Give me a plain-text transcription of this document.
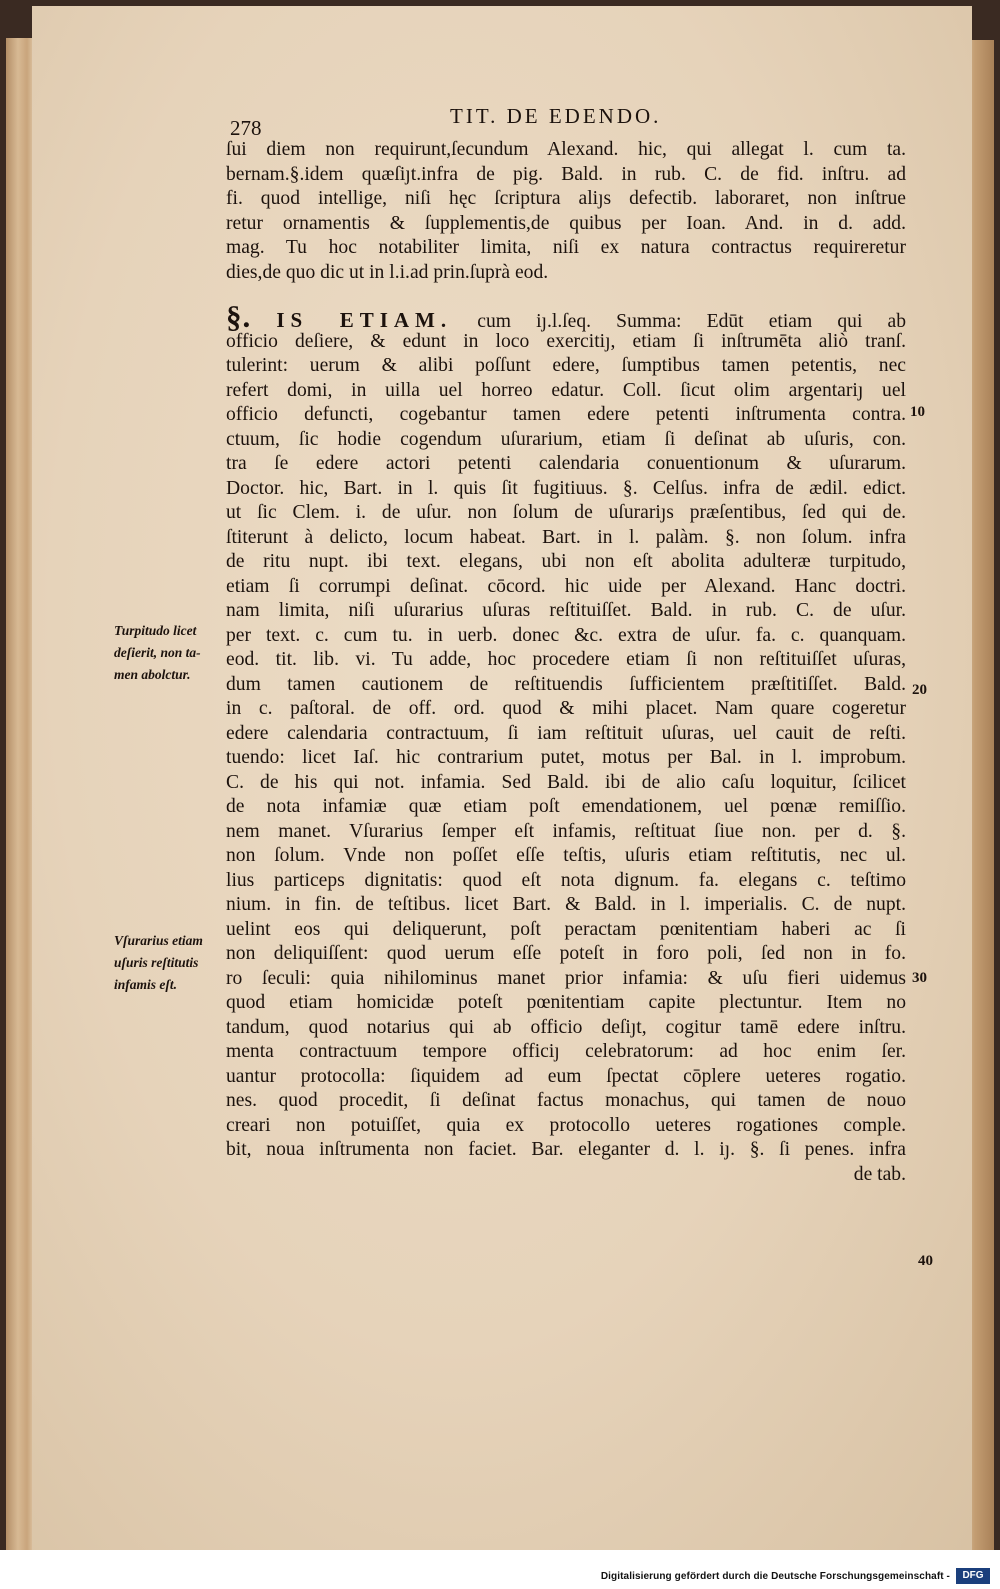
278	TIT. DE EDENDO.
ſui diem non requirunt,ſecundum Alexand. hic, qui allegat l. cum ta.
bernam.§.idem quæſiȷt.infra de pig. Bald. in rub. C. de fid. inſtru. ad
fi. quod intellige, niſi hęc ſcriptura aliȷs defectib. laboraret, non inſtrue
retur ornamentis & ſupplementis,de quibus per Ioan. And. in d. add.
mag. Tu hoc notabiliter limita, niſi ex natura contractus requireretur
dies,de quo dic ut in l.i.ad prin.ſuprà eod.
§. IS ETIAM. cum iȷ.l.ſeq. Summa: Edūt etiam qui ab
officio deſiere, & edunt in loco exercitiȷ, etiam ſi inſtrumēta aliò tranſ.
tulerint: uerum & alibi poſſunt edere, ſumptibus tamen petentis, nec
refert domi, in uilla uel horreo edatur. Coll. ſicut olim argentariȷ uel
officio defuncti, cogebantur tamen edere petenti inſtrumenta contra.
ctuum, ſic hodie cogendum uſurarium, etiam ſi deſinat ab uſuris, con.
tra ſe edere actori petenti calendaria conuentionum & uſurarum.
Doctor. hic, Bart. in l. quis ſit fugitiuus. §. Celſus. infra de ædil. edict.
ut ſic Clem. i. de uſur. non ſolum de uſurariȷs præſentibus, ſed qui de.
ſtiterunt à delicto, locum habeat. Bart. in l. palàm. §. non ſolum. infra
de ritu nupt. ibi text. elegans, ubi non eſt abolita adulteræ turpitudo,
etiam ſi corrumpi deſinat. cōcord. hic uide per Alexand. Hanc doctri.
nam limita, niſi uſurarius uſuras reſtituiſſet. Bald. in rub. C. de uſur.
per text. c. cum tu. in uerb. donec &c. extra de uſur. fa. c. quanquam.
eod. tit. lib. vi. Tu adde, hoc procedere etiam ſi non reſtituiſſet uſuras,
dum tamen cautionem de reſtituendis ſufficientem præſtitiſſet. Bald.
in c. paſtoral. de off. ord. quod & mihi placet. Nam quare cogeretur
edere calendaria contractuum, ſi iam reſtituit uſuras, uel cauit de reſti.
tuendo: licet Iaſ. hic contrarium putet, motus per Bal. in l. improbum.
C. de his qui not. infamia. Sed Bald. ibi de alio caſu loquitur, ſcilicet
de nota infamiæ quæ etiam poſt emendationem, uel pœnæ remiſſio.
nem manet. Vſurarius ſemper eſt infamis, reſtituat ſiue non. per d. §.
non ſolum. Vnde non poſſet eſſe teſtis, uſuris etiam reſtitutis, nec ul.
lius particeps dignitatis: quod eſt nota dignum. fa. elegans c. teſtimo
nium. in fin. de teſtibus. licet Bart. & Bald. in l. imperialis. C. de nupt.
uelint eos qui deliquerunt, poſt peractam pœnitentiam haberi ac ſi
non deliquiſſent: quod uerum eſſe poteſt in foro poli, ſed non in fo.
ro ſeculi: quia nihilominus manet prior infamia: & uſu fieri uidemus
quod etiam homicidæ poteſt pœnitentiam capite plectuntur. Item no
tandum, quod notarius qui ab officio deſiȷt, cogitur tamē edere inſtru.
menta contractuum tempore officiȷ celebratorum: ad hoc enim ſer.
uantur protocolla: ſiquidem ad eum ſpectat cōplere ueteres rogatio.
nes. quod procedit, ſi deſinat factus monachus, qui tamen de nouo
creari non potuiſſet, quia ex protocollo ueteres rogationes comple.
bit, noua inſtrumenta non faciet. Bar. eleganter d. l. iȷ. §. ſi penes. infra
de tab.
Turpitudo licet
deſierit, non ta-
men abolctur.
Vſurarius etiam
uſuris reſtitutis
infamis eſt.
10
20
30
40
Digitalisierung gefördert durch die Deutsche Forschungsgemeinschaft -	DFG
